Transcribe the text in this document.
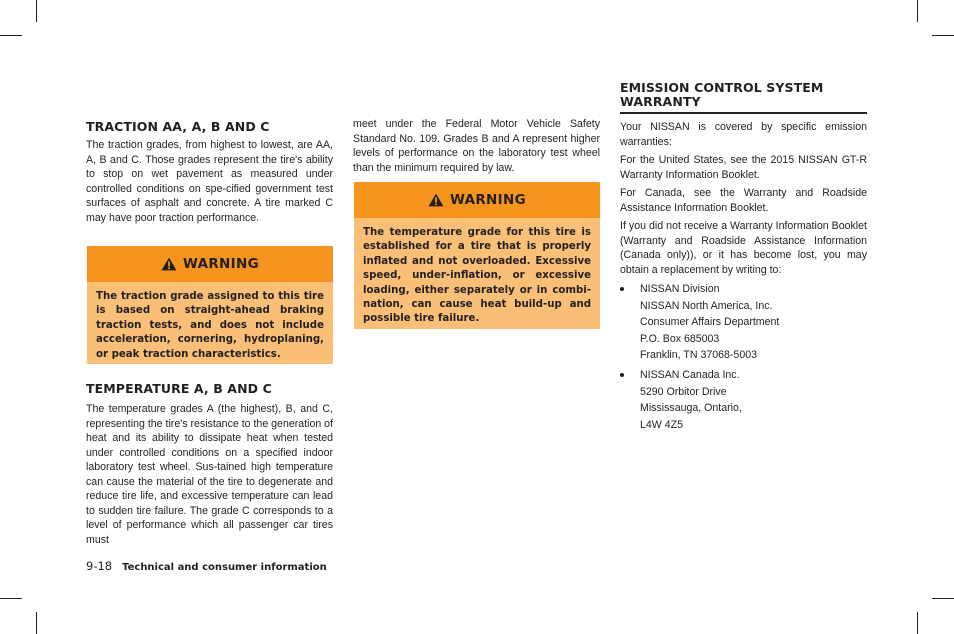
TRACTION AA, A, B AND C

The traction grades, from highest to lowest, are AA, A, B and C. Those grades represent the tire's ability to stop on wet pavement as measured under controlled conditions on spe-cified government test surfaces of asphalt and concrete. A tire marked C may have poor traction performance.

WARNING
The traction grade assigned to this tire is based on straight-ahead braking traction tests, and does not include acceleration, cornering, hydroplaning, or peak traction characteristics.
TEMPERATURE A, B AND C

The temperature grades A (the highest), B, and C, representing the tire's resistance to the generation of heat and its ability to dissipate heat when tested under controlled conditions on a specified indoor laboratory test wheel. Sus-tained high temperature can cause the material of the tire to degenerate and reduce tire life, and excessive temperature can lead to sudden tire failure. The grade C corresponds to a level of performance which all passenger car tires must

meet under the Federal Motor Vehicle Safety Standard No. 109. Grades B and A represent higher levels of performance on the laboratory test wheel than the minimum required by law.

WARNING
The temperature grade for this tire is established for a tire that is properly inflated and not overloaded. Excessive speed, under-inflation, or excessive loading, either separately or in combi-nation, can cause heat build-up and possible tire failure.
EMISSION CONTROL SYSTEM
WARRANTY

Your NISSAN is covered by specific emission warranties:

For the United States, see the 2015 NISSAN GT-R Warranty Information Booklet.

For Canada, see the Warranty and Roadside Assistance Information Booklet.

If you did not receive a Warranty Information Booklet (Warranty and Roadside Assistance Information (Canada only)), or it has become lost, you may obtain a replacement by writing to:

NISSAN Division
NISSAN North America, Inc.
Consumer Affairs Department
P.O. Box 685003
Franklin, TN 37068-5003
NISSAN Canada Inc.
5290 Orbitor Drive
Mississauga, Ontario,
L4W 4Z5
9-18 Technical and consumer information
